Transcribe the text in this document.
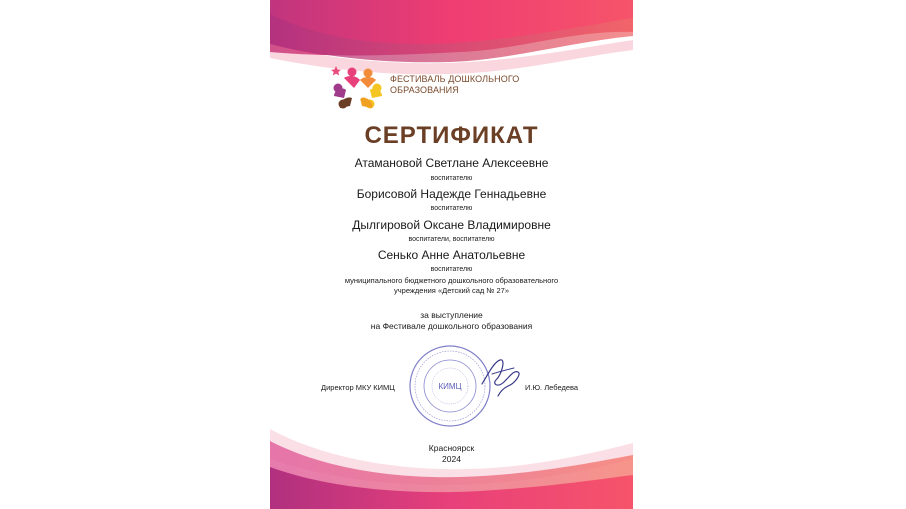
ФЕСТИВАЛЬ ДОШКОЛЬНОГО
ОБРАЗОВАНИЯ
СЕРТИФИКАТ
Атамановой Светлане Алексеевне
воспитателю
Борисовой Надежде Геннадьевне
воспитателю
Дылгировой Оксане Владимировне
воспитатели, воспитателю
Сенько Анне Анатольевне
воспитателю
муниципального бюджетного дошкольного образовательного
учреждения «Детский сад № 27»
за выступление
на Фестивале дошкольного образования
КИМЦ
Директор МКУ КИМЦ	И.Ю. Лебедева
Красноярск
2024
